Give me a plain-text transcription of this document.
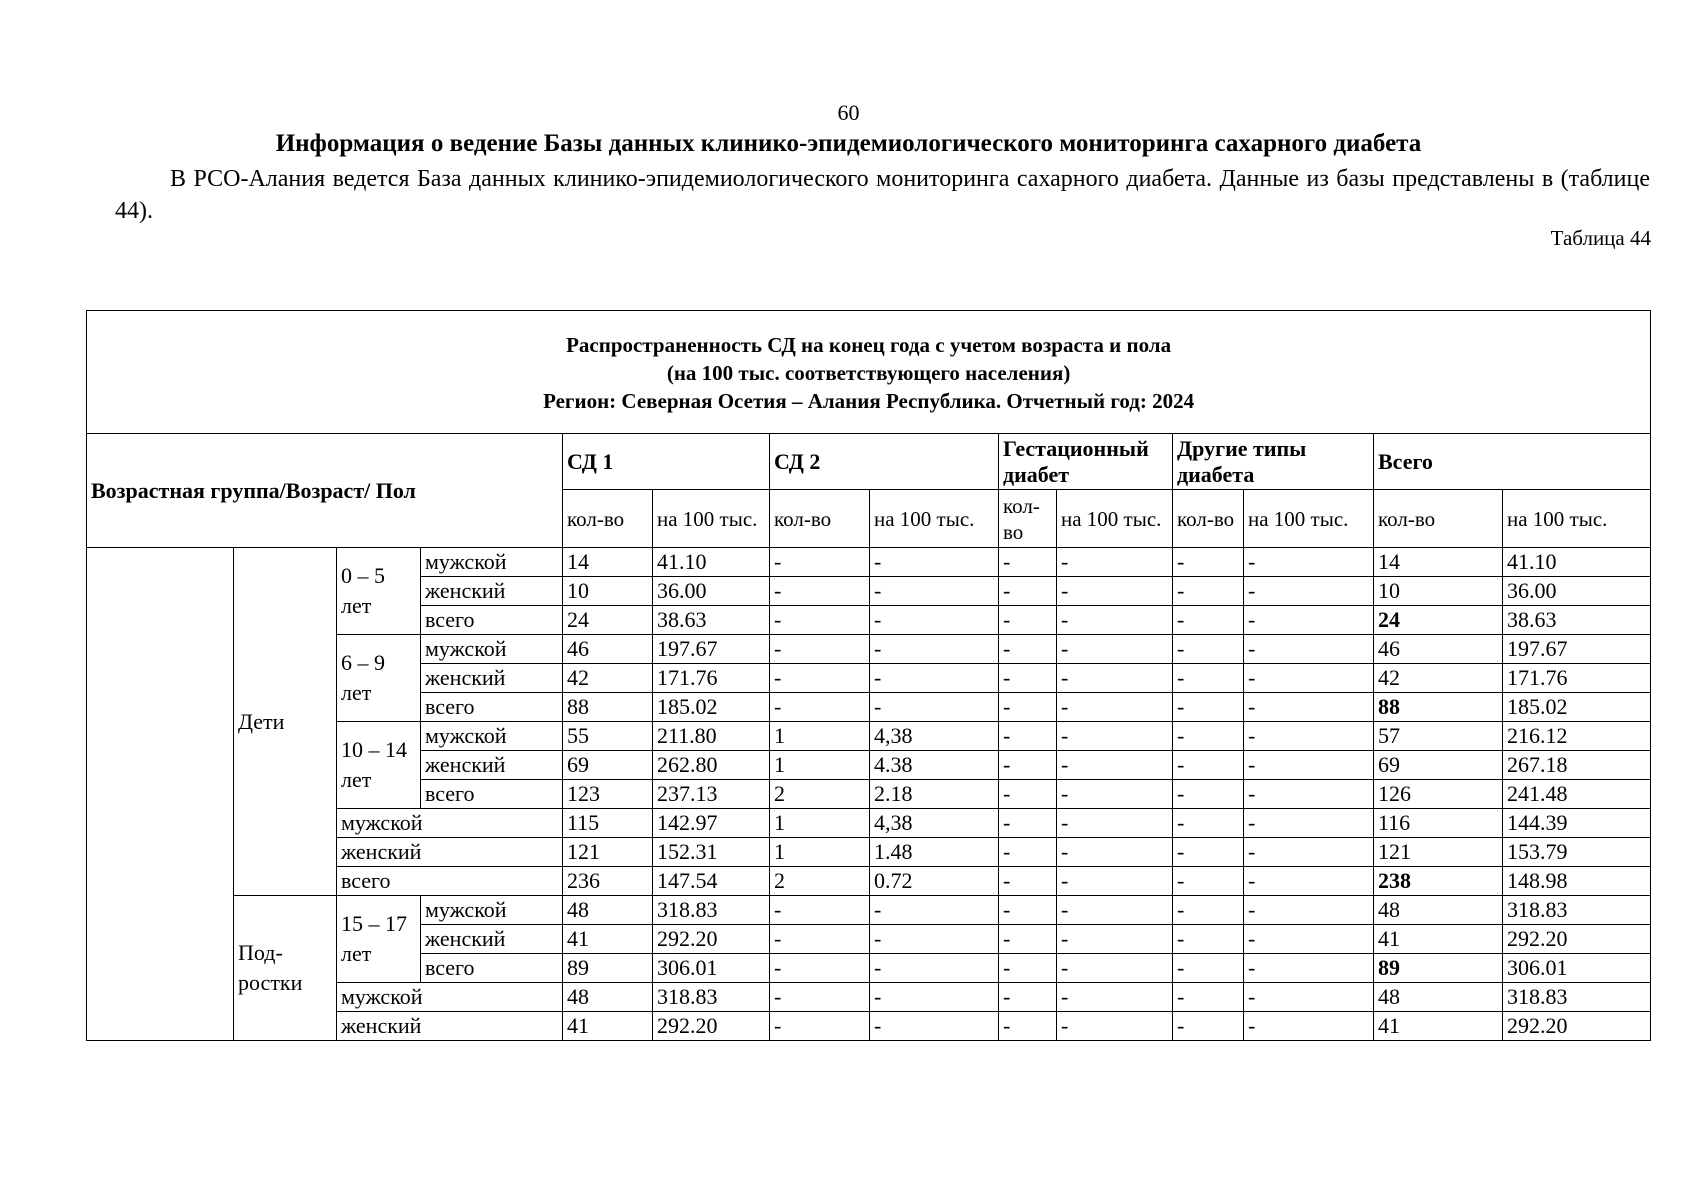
60
Информация о ведение Базы данных клинико-эпидемиологического мониторинга сахарного диабета
В РСО-Алания ведется База данных клинико-эпидемиологического мониторинга сахарного диабета. Данные из базы представлены в (таблице 44).
Таблица 44
Распространенность СД на конец года с учетом возраста и пола
(на 100 тыс. соответствующего населения)
Регион: Северная Осетия – Алания Республика. Отчетный год: 2024													

Возрастная группа/Возраст/ Пол				СД 1		СД 2		Гестационный диабет		Другие типы диабета		Всего	
				кол-во	на 100 тыс.	кол-во	на 100 тыс.	кол-во	на 100 тыс.	кол-во	на 100 тыс.	кол-во	на 100 тыс.
	Дети	0 – 5 лет	мужской	14	41.10	-	-	-	-	-	-	14	41.10
			женский	10	36.00	-	-	-	-	-	-	10	36.00
			всего	24	38.63	-	-	-	-	-	-	24	38.63
		6 – 9 лет	мужской	46	197.67	-	-	-	-	-	-	46	197.67
			женский	42	171.76	-	-	-	-	-	-	42	171.76
			всего	88	185.02	-	-	-	-	-	-	88	185.02
		10 – 14 лет	мужской	55	211.80	1	4,38	-	-	-	-	57	216.12
			женский	69	262.80	1	4.38	-	-	-	-	69	267.18
			всего	123	237.13	2	2.18	-	-	-	-	126	241.48
		мужской		115	142.97	1	4,38	-	-	-	-	116	144.39
		женский		121	152.31	1	1.48	-	-	-	-	121	153.79
		всего		236	147.54	2	0.72	-	-	-	-	238	148.98
	Под-ростки	15 – 17 лет	мужской	48	318.83	-	-	-	-	-	-	48	318.83
			женский	41	292.20	-	-	-	-	-	-	41	292.20
			всего	89	306.01	-	-	-	-	-	-	89	306.01
		мужской		48	318.83	-	-	-	-	-	-	48	318.83
		женский		41	292.20	-	-	-	-	-	-	41	292.20
